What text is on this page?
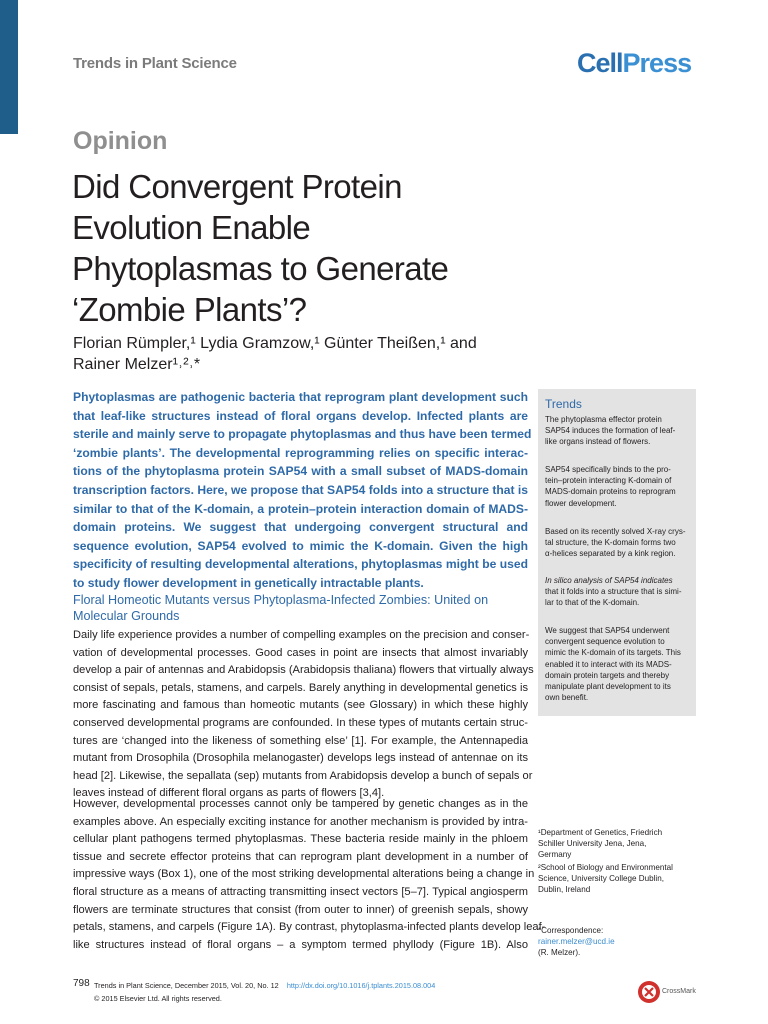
Trends in Plant Science	CellPress
Opinion
Did Convergent Protein
Evolution Enable
Phytoplasmas to Generate
‘Zombie Plants’?
Florian Rümpler,¹ Lydia Gramzow,¹ Günter Theißen,¹ and
Rainer Melzer¹˒²˒*
Phytoplasmas are pathogenic bacteria that reprogram plant development such
that leaf-like structures instead of floral organs develop. Infected plants are
sterile and mainly serve to propagate phytoplasmas and thus have been termed
‘zombie plants’. The developmental reprogramming relies on specific interac-
tions of the phytoplasma protein SAP54 with a small subset of MADS-domain
transcription factors. Here, we propose that SAP54 folds into a structure that is
similar to that of the K-domain, a protein–protein interaction domain of MADS-
domain proteins. We suggest that undergoing convergent structural and
sequence evolution, SAP54 evolved to mimic the K-domain. Given the high
specificity of resulting developmental alterations, phytoplasmas might be used
to study flower development in genetically intractable plants.
Floral Homeotic Mutants versus Phytoplasma-Infected Zombies: United on
Molecular Grounds
Daily life experience provides a number of compelling examples on the precision and conser-
vation of developmental processes. Good cases in point are insects that almost invariably
develop a pair of antennas and Arabidopsis (Arabidopsis thaliana) flowers that virtually always
consist of sepals, petals, stamens, and carpels. Barely anything in developmental genetics is
more fascinating and famous than homeotic mutants (see Glossary) in which these highly
conserved developmental programs are confounded. In these types of mutants certain struc-
tures are ‘changed into the likeness of something else’ [1]. For example, the Antennapedia
mutant from Drosophila (Drosophila melanogaster) develops legs instead of antennae on its
head [2]. Likewise, the sepallata (sep) mutants from Arabidopsis develop a bunch of sepals or
leaves instead of different floral organs as parts of flowers [3,4].
However, developmental processes cannot only be tampered by genetic changes as in the
examples above. An especially exciting instance for another mechanism is provided by intra-
cellular plant pathogens termed phytoplasmas. These bacteria reside mainly in the phloem
tissue and secrete effector proteins that can reprogram plant development in a number of
impressive ways (Box 1), one of the most striking developmental alterations being a change in
floral structure as a means of attracting transmitting insect vectors [5–7]. Typical angiosperm
flowers are terminate structures that consist (from outer to inner) of greenish sepals, showy
petals, stamens, and carpels (Figure 1A). By contrast, phytoplasma-infected plants develop leaf-
like structures instead of floral organs – a symptom termed phyllody (Figure 1B). Also
Trends
The phytoplasma effector protein
SAP54 induces the formation of leaf-
like organs instead of flowers.
SAP54 specifically binds to the pro-
tein–protein interacting K-domain of
MADS-domain proteins to reprogram
flower development.
Based on its recently solved X-ray crys-
tal structure, the K-domain forms two
α-helices separated by a kink region.
In silico analysis of SAP54 indicates
that it folds into a structure that is simi-
lar to that of the K-domain.
We suggest that SAP54 underwent
convergent sequence evolution to
mimic the K-domain of its targets. This
enabled it to interact with its MADS-
domain protein targets and thereby
manipulate plant development to its
own benefit.
¹Department of Genetics, Friedrich
Schiller University Jena, Jena,
Germany
²School of Biology and Environmental
Science, University College Dublin,
Dublin, Ireland
*Correspondence:
rainer.melzer@ucd.ie
(R. Melzer).
798 Trends in Plant Science, December 2015, Vol. 20, No. 12 http://dx.doi.org/10.1016/j.tplants.2015.08.004
© 2015 Elsevier Ltd. All rights reserved.
CrossMark
